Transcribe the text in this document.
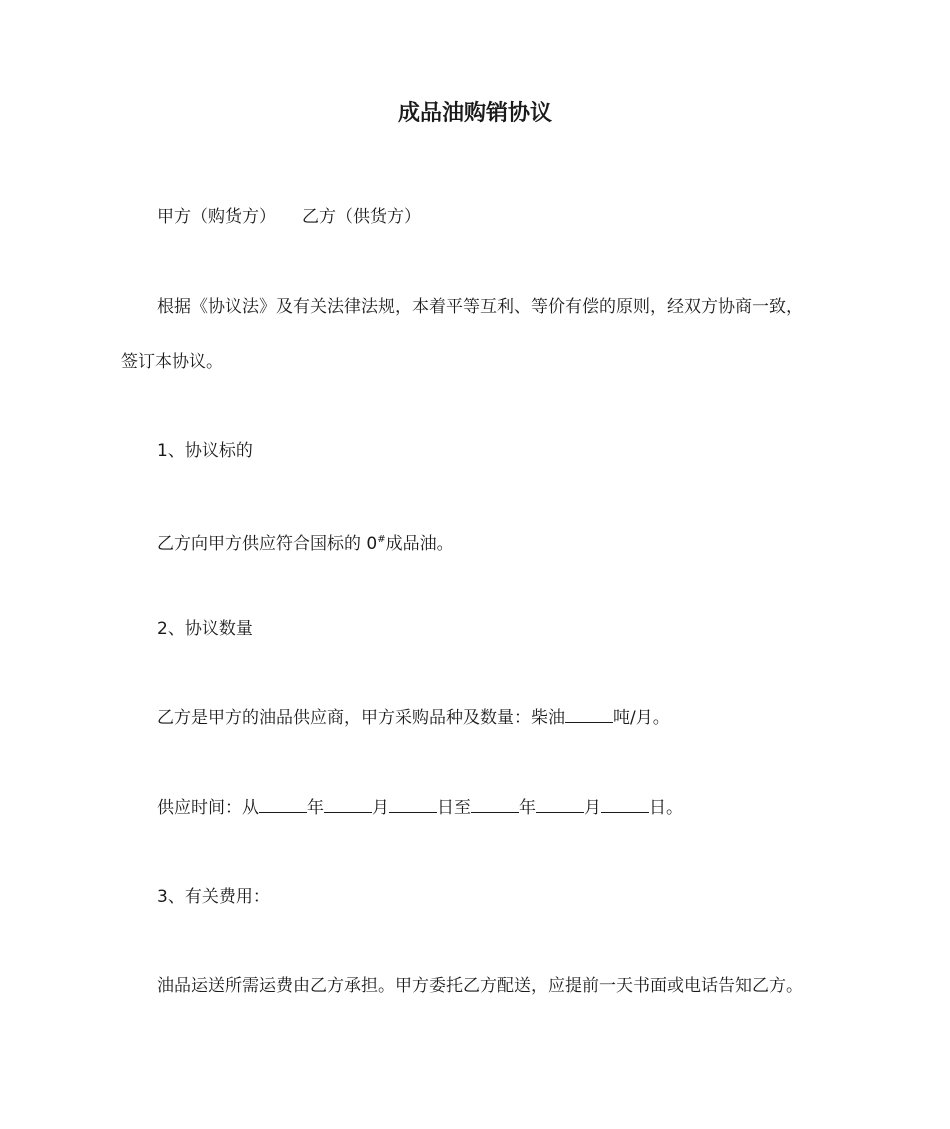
成品油购销协议
甲方（购货方） 乙方（供货方）
根据《协议法》及有关法律法规，本着平等互利、等价有偿的原则，经双方协商一致，
签订本协议。
1、协议标的
乙方向甲方供应符合国标的 0#成品油。
2、协议数量
乙方是甲方的油品供应商，甲方采购品种及数量：柴油	吨/月。
供应时间：从	年	月	日至	年	月	日。
3、有关费用：
油品运送所需运费由乙方承担。甲方委托乙方配送，应提前一天书面或电话告知乙方。
